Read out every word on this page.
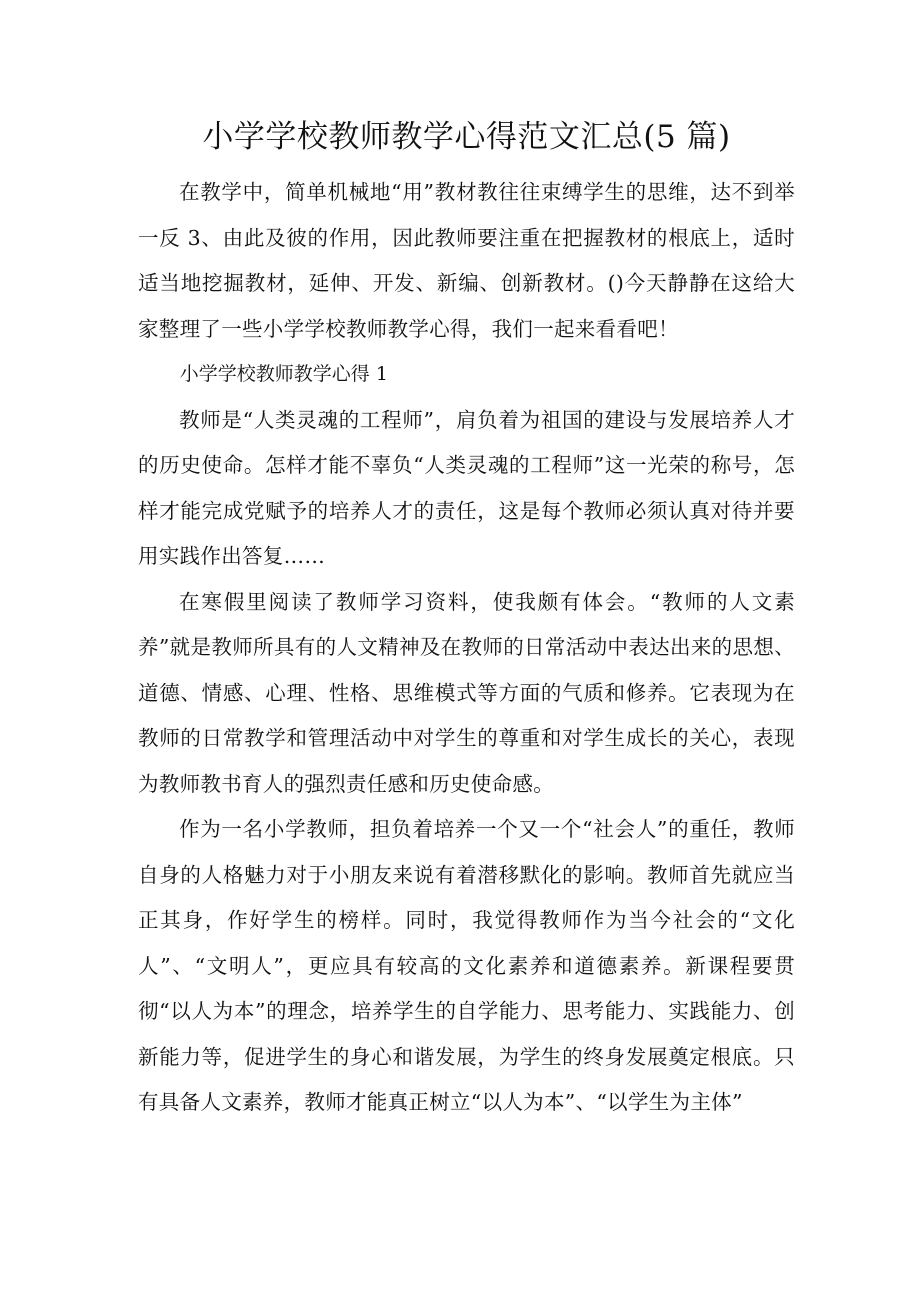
小学学校教师教学心得范文汇总(5 篇)

在教学中，简单机械地“用”教材教往往束缚学生的思维，达不到举一反 3、由此及彼的作用，因此教师要注重在把握教材的根底上，适时适当地挖掘教材，延伸、开发、新编、创新教材。()今天静静在这给大家整理了一些小学学校教师教学心得，我们一起来看看吧！

小学学校教师教学心得 1

教师是“人类灵魂的工程师”，肩负着为祖国的建设与发展培养人才的历史使命。怎样才能不辜负“人类灵魂的工程师”这一光荣的称号，怎样才能完成党赋予的培养人才的责任，这是每个教师必须认真对待并要用实践作出答复……

在寒假里阅读了教师学习资料，使我颇有体会。“教师的人文素养”就是教师所具有的人文精神及在教师的日常活动中表达出来的思想、道德、情感、心理、性格、思维模式等方面的气质和修养。它表现为在教师的日常教学和管理活动中对学生的尊重和对学生成长的关心，表现为教师教书育人的强烈责任感和历史使命感。

作为一名小学教师，担负着培养一个又一个“社会人”的重任，教师自身的人格魅力对于小朋友来说有着潜移默化的影响。教师首先就应当正其身，作好学生的榜样。同时，我觉得教师作为当今社会的“文化人”、“文明人”，更应具有较高的文化素养和道德素养。新课程要贯彻“以人为本”的理念，培养学生的自学能力、思考能力、实践能力、创新能力等，促进学生的身心和谐发展，为学生的终身发展奠定根底。只有具备人文素养，教师才能真正树立“以人为本”、“以学生为主体”
